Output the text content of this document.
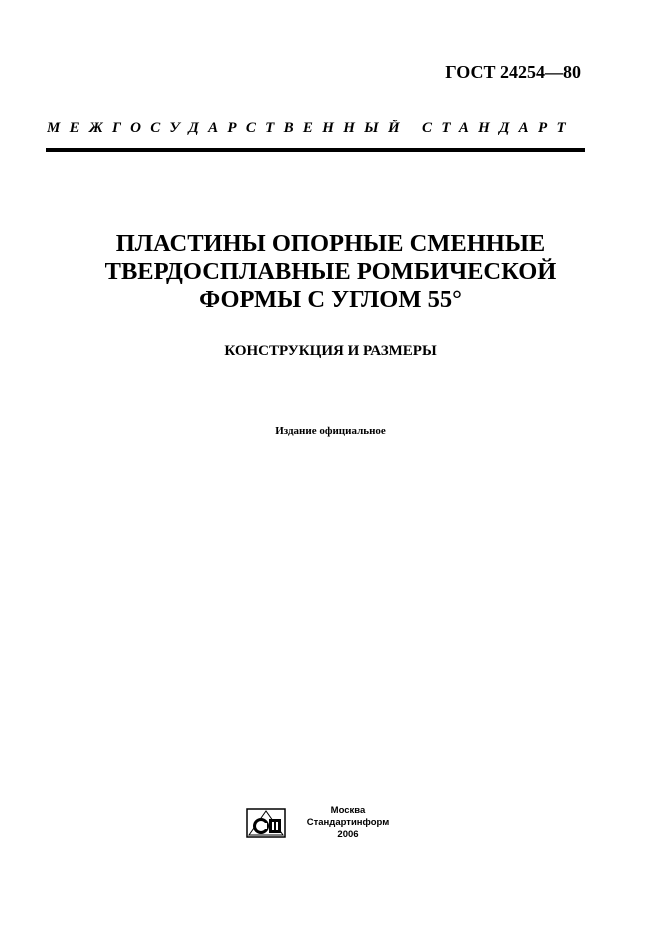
ГОСТ 24254—80
МЕЖГОСУДАРСТВЕННЫЙ СТАНДАРТ
ПЛАСТИНЫ ОПОРНЫЕ СМЕННЫЕ
ТВЕРДОСПЛАВНЫЕ РОМБИЧЕСКОЙ
ФОРМЫ С УГЛОМ 55°
КОНСТРУКЦИЯ И РАЗМЕРЫ
Издание официальное
Москва
Стандартинформ
2006
